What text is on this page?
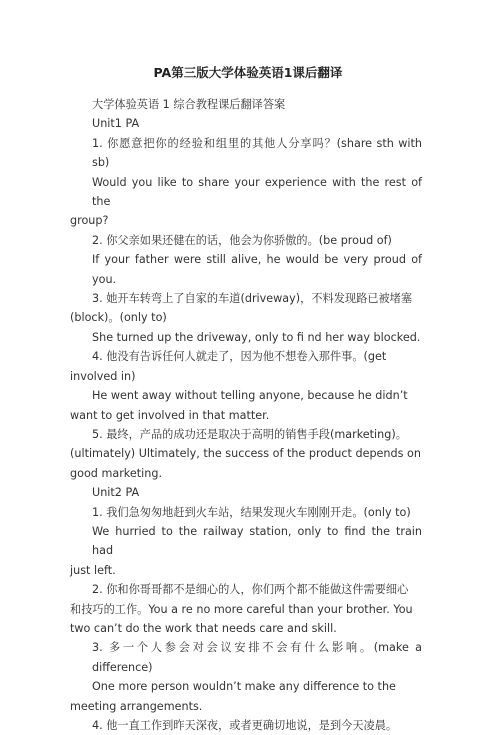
PA第三版大学体验英语1课后翻译

大学体验英语 1 综合教程课后翻译答案

Unit1 PA

1. 你愿意把你的经验和组里的其他人分享吗？(share sth with sb)

Would you like to share your experience with the rest of the

group?

2. 你父亲如果还健在的话，他会为你骄傲的。(be proud of)

If your father were still alive, he would be very proud of you.

3. 她开车转弯上了自家的车道(driveway)，不料发现路已被堵塞

(block)。(only to)

She turned up the driveway, only to fi nd her way blocked.

4. 他没有告诉任何人就走了，因为他不想卷入那件事。(get

involved in)

He went away without telling anyone, because he didn’t

want to get involved in that matter.

5. 最终，产品的成功还是取决于高明的销售手段(marketing)。

(ultimately) Ultimately, the success of the product depends on

good marketing.

Unit2 PA

1. 我们急匆匆地赶到火车站，结果发现火车刚刚开走。(only to)

We hurried to the railway station, only to find the train had

just left.

2. 你和你哥哥都不是细心的人，你们两个都不能做这件需要细心

和技巧的工作。You a re no more careful than your brother. You

two can’t do the work that needs care and skill.

3. 多一个人参会对会议安排不会有什么影响。(make a difference)

One more person wouldn’t make any difference to the

meeting arrangements.

4. 他一直工作到昨天深夜，或者更确切地说，是到今天凌晨。
